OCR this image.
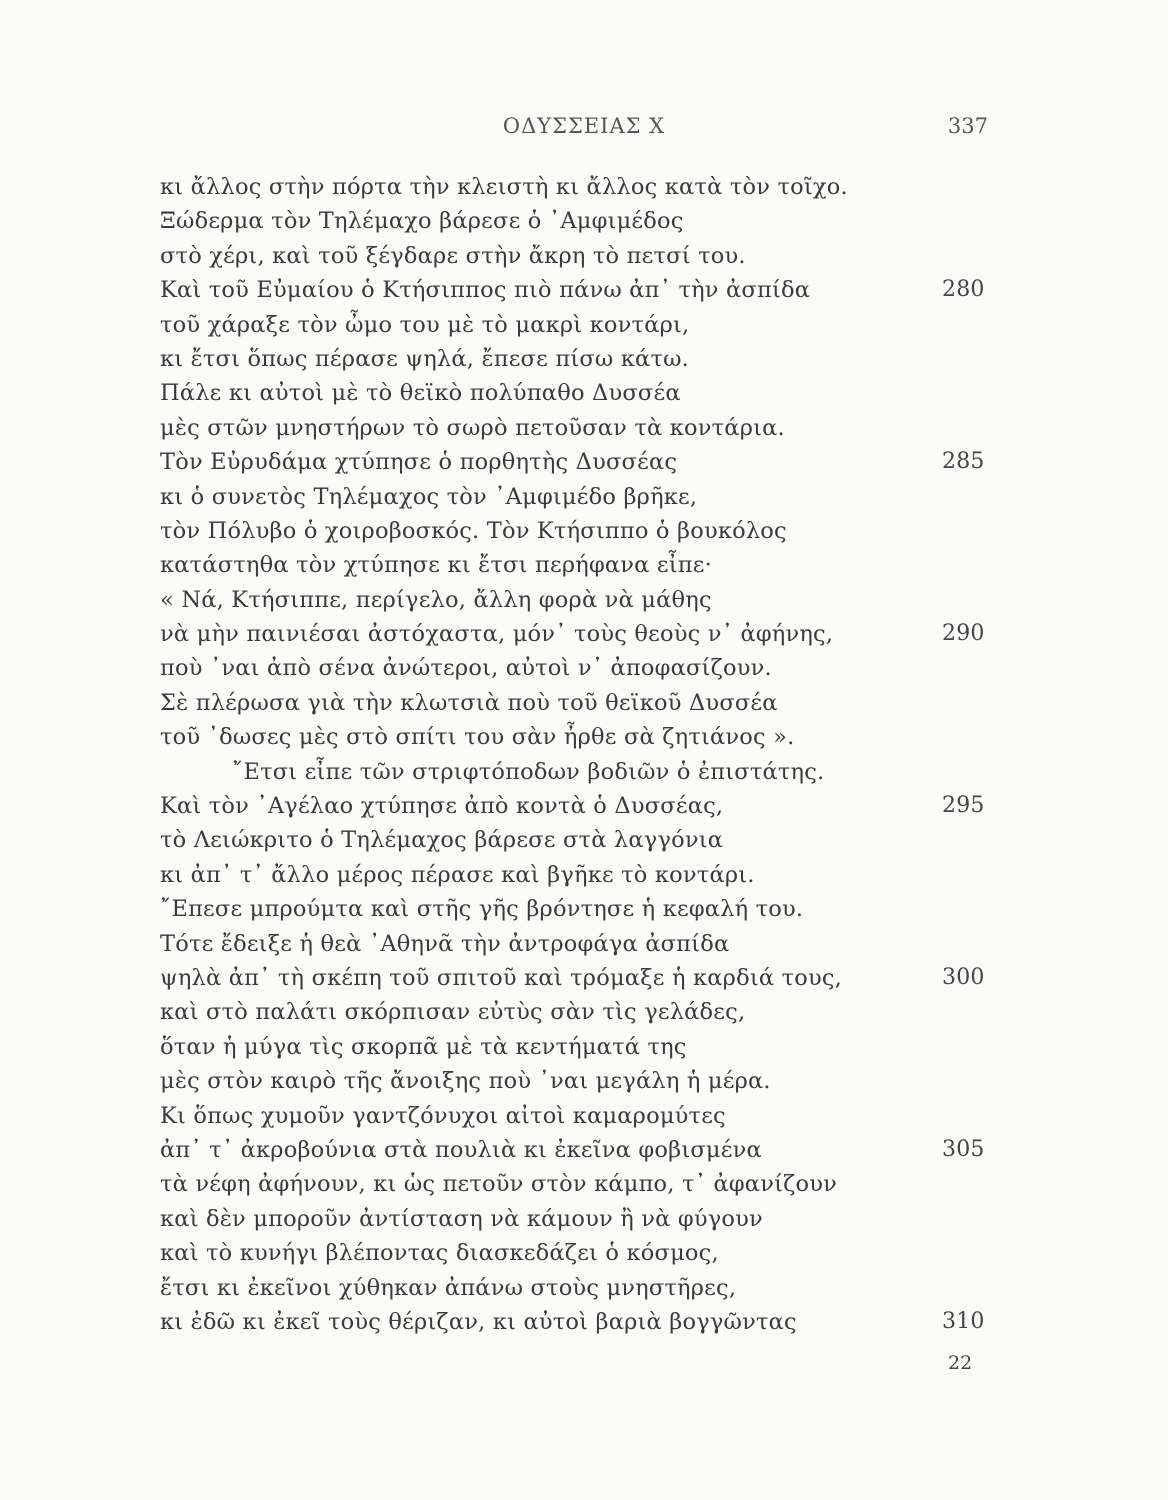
ΟΔΥΣΣΕΙΑΣ Χ	337
κι ἄλλος στὴν πόρτα τὴν κλειστὴ κι ἄλλος κατὰ τὸν τοῖχο.
Ξώδερμα τὸν Τηλέμαχο βάρεσε ὁ ᾿Αμφιμέδος
στὸ χέρι, καὶ τοῦ ξέγδαρε στὴν ἄκρη τὸ πετσί του.
Καὶ τοῦ Εὐμαίου ὁ Κτήσιππος πιὸ πάνω ἀπ᾿ τὴν ἀσπίδα	280
τοῦ χάραξε τὸν ὦμο του μὲ τὸ μακρὶ κοντάρι,
κι ἔτσι ὅπως πέρασε ψηλά, ἔπεσε πίσω κάτω.
Πάλε κι αὐτοὶ μὲ τὸ θεϊκὸ πολύπαθο Δυσσέα
μὲς στῶν μνηστήρων τὸ σωρὸ πετοῦσαν τὰ κοντάρια.
Τὸν Εὐρυδάμα χτύπησε ὁ πορθητὴς Δυσσέας	285
κι ὁ συνετὸς Τηλέμαχος τὸν ᾿Αμφιμέδο βρῆκε,
τὸν Πόλυβο ὁ χοιροβοσκός. Τὸν Κτήσιππο ὁ βουκόλος
κατάστηθα τὸν χτύπησε κι ἔτσι περήφανα εἶπε·
« Νά, Κτήσιππε, περίγελο, ἄλλη φορὰ νὰ μάθης
νὰ μὴν παινιέσαι ἀστόχαστα, μόν᾿ τοὺς θεοὺς ν᾿ ἀφήνης,	290
ποὺ ᾿ναι ἀπὸ σένα ἀνώτεροι, αὐτοὶ ν᾿ ἀποφασίζουν.
Σὲ πλέρωσα γιὰ τὴν κλωτσιὰ ποὺ τοῦ θεϊκοῦ Δυσσέα
τοῦ ᾿δωσες μὲς στὸ σπίτι του σὰν ἦρθε σὰ ζητιάνος ».
῎Ετσι εἶπε τῶν στριφτόποδων βοδιῶν ὁ ἐπιστάτης.
Καὶ τὸν ᾿Αγέλαο χτύπησε ἀπὸ κοντὰ ὁ Δυσσέας,	295
τὸ Λειώκριτο ὁ Τηλέμαχος βάρεσε στὰ λαγγόνια
κι ἀπ᾿ τ᾿ ἄλλο μέρος πέρασε καὶ βγῆκε τὸ κοντάρι.
῎Επεσε μπρούμτα καὶ στῆς γῆς βρόντησε ἡ κεφαλή του.
Τότε ἔδειξε ἡ θεὰ ᾿Αθηνᾶ τὴν ἀντροφάγα ἀσπίδα
ψηλὰ ἀπ᾿ τὴ σκέπη τοῦ σπιτοῦ καὶ τρόμαξε ἡ καρδιά τους,	300
καὶ στὸ παλάτι σκόρπισαν εὐτὺς σὰν τὶς γελάδες,
ὅταν ἡ μύγα τὶς σκορπᾶ μὲ τὰ κεντήματά της
μὲς στὸν καιρὸ τῆς ἄνοιξης ποὺ ᾿ναι μεγάλη ἡ μέρα.
Κι ὅπως χυμοῦν γαντζόνυχοι αἰτοὶ καμαρομύτες
ἀπ᾿ τ᾿ ἀκροβούνια στὰ πουλιὰ κι ἐκεῖνα φοβισμένα	305
τὰ νέφη ἀφήνουν, κι ὡς πετοῦν στὸν κάμπο, τ᾿ ἀφανίζουν
καὶ δὲν μποροῦν ἀντίσταση νὰ κάμουν ἢ νὰ φύγουν
καὶ τὸ κυνήγι βλέποντας διασκεδάζει ὁ κόσμος,
ἔτσι κι ἐκεῖνοι χύθηκαν ἀπάνω στοὺς μνηστῆρες,
κι ἐδῶ κι ἐκεῖ τοὺς θέριζαν, κι αὐτοὶ βαριὰ βογγῶντας	310
22
